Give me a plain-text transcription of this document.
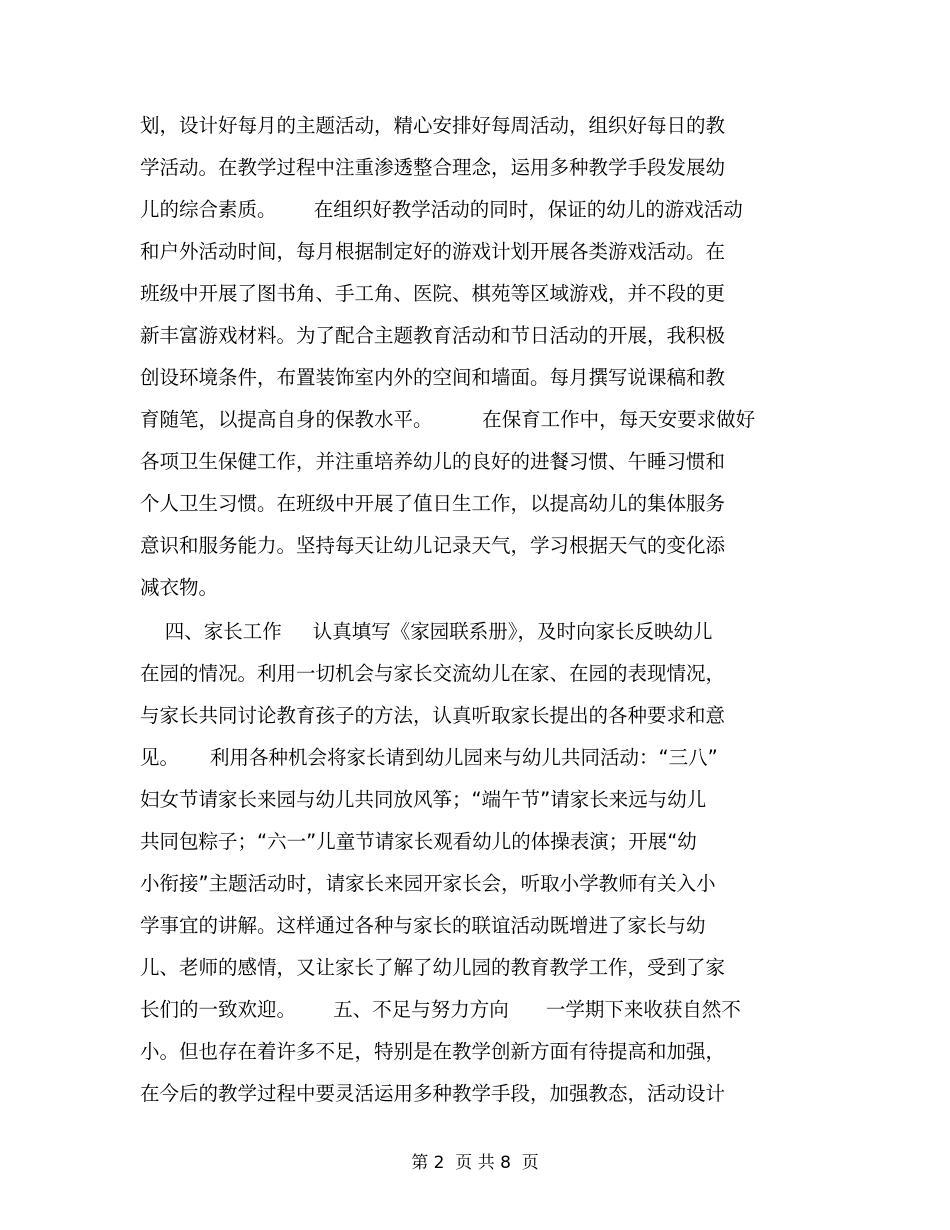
划，设计好每月的主题活动，精心安排好每周活动，组织好每日的教
学活动。在教学过程中注重渗透整合理念，运用多种教学手段发展幼
儿的综合素质。      在组织好教学活动的同时，保证的幼儿的游戏活动
和户外活动时间，每月根据制定好的游戏计划开展各类游戏活动。在
班级中开展了图书角、手工角、医院、棋苑等区域游戏，并不段的更
新丰富游戏材料。为了配合主题教育活动和节日活动的开展，我积极
创设环境条件，布置装饰室内外的空间和墙面。每月撰写说课稿和教
育随笔，以提高自身的保教水平。        在保育工作中，每天安要求做好
各项卫生保健工作，并注重培养幼儿的良好的进餐习惯、午睡习惯和
个人卫生习惯。在班级中开展了值日生工作，以提高幼儿的集体服务
意识和服务能力。坚持每天让幼儿记录天气，学习根据天气的变化添
减衣物。
四、家长工作     认真填写《家园联系册》，及时向家长反映幼儿
在园的情况。利用一切机会与家长交流幼儿在家、在园的表现情况，
与家长共同讨论教育孩子的方法，认真听取家长提出的各种要求和意
见。     利用各种机会将家长请到幼儿园来与幼儿共同活动：“三八”
妇女节请家长来园与幼儿共同放风筝；“端午节”请家长来远与幼儿
共同包粽子；“六一”儿童节请家长观看幼儿的体操表演；开展“幼
小衔接”主题活动时，请家长来园开家长会，听取小学教师有关入小
学事宜的讲解。这样通过各种与家长的联谊活动既增进了家长与幼
儿、老师的感情，又让家长了解了幼儿园的教育教学工作，受到了家
长们的一致欢迎。      五、不足与努力方向      一学期下来收获自然不
小。但也存在着许多不足，特别是在教学创新方面有待提高和加强，
在今后的教学过程中要灵活运用多种教学手段，加强教态，活动设计
第 2  页 共 8  页
